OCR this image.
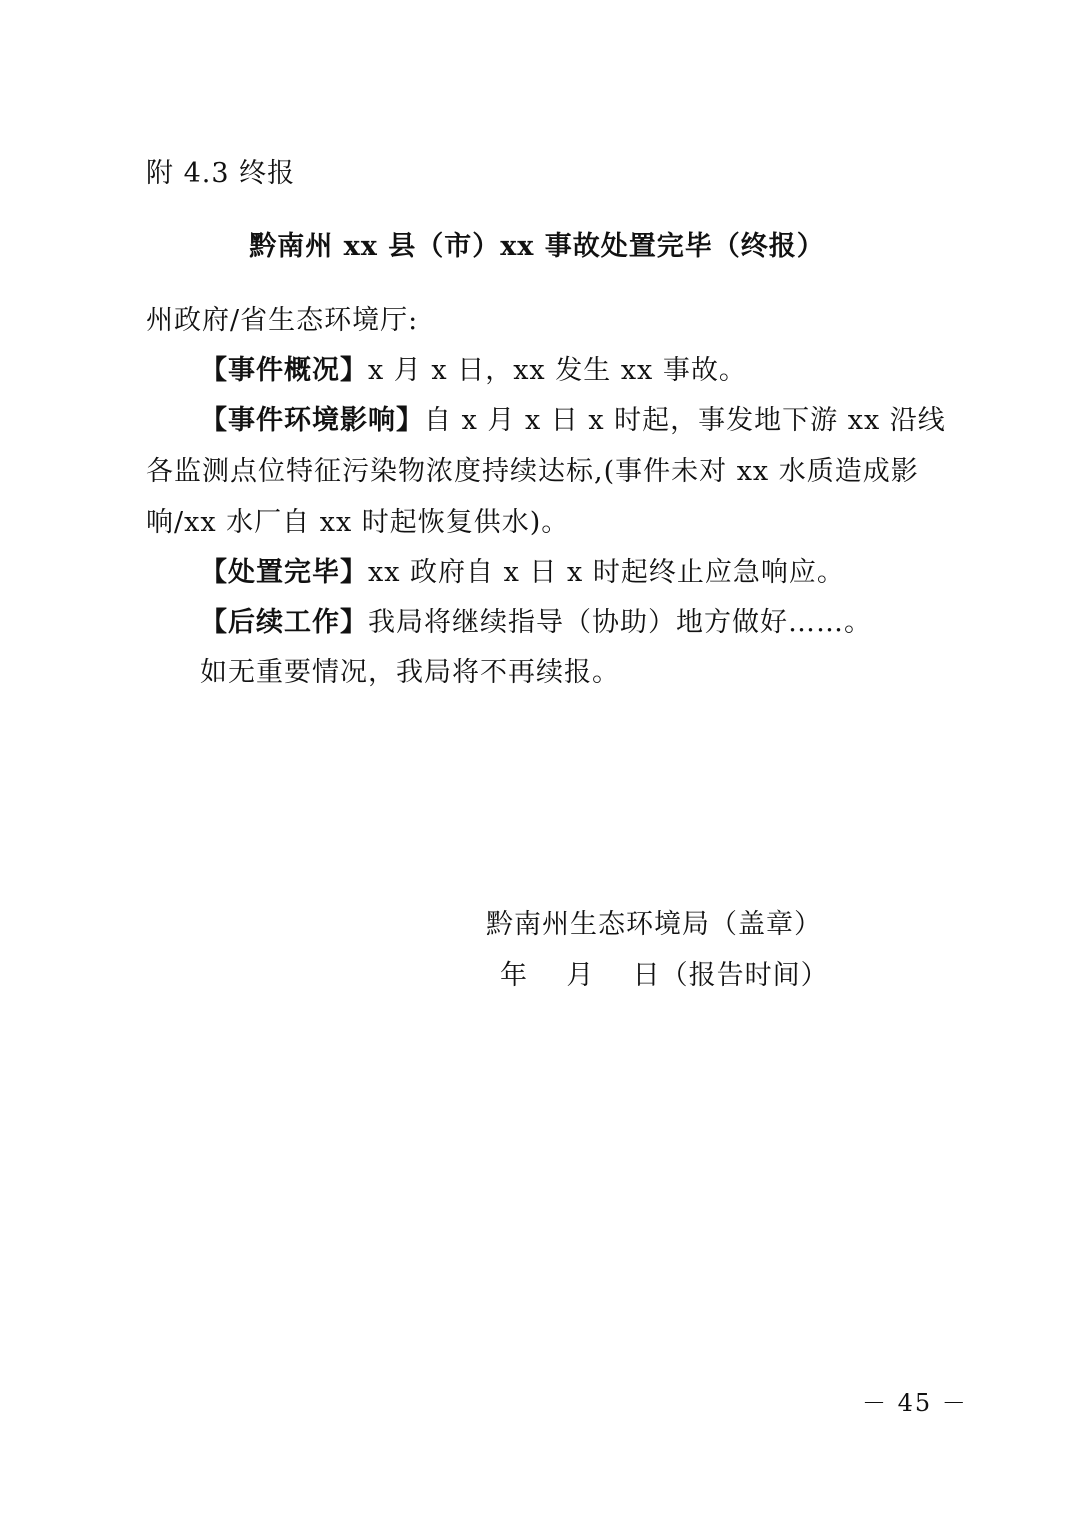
附 4.3 终报
黔南州 xx 县（市）xx 事故处置完毕（终报）
州政府/省生态环境厅:
【事件概况】x 月 x 日，xx 发生 xx 事故。
【事件环境影响】自 x 月 x 日 x 时起，事发地下游 xx 沿线
各监测点位特征污染物浓度持续达标,(事件未对 xx 水质造成影
响/xx 水厂自 xx 时起恢复供水)。
【处置完毕】xx 政府自 x 日 x 时起终止应急响应。
【后续工作】我局将继续指导（协助）地方做好……。
如无重要情况，我局将不再续报。
黔南州生态环境局（盖章）
年    月    日（报告时间）
－ 45 －
